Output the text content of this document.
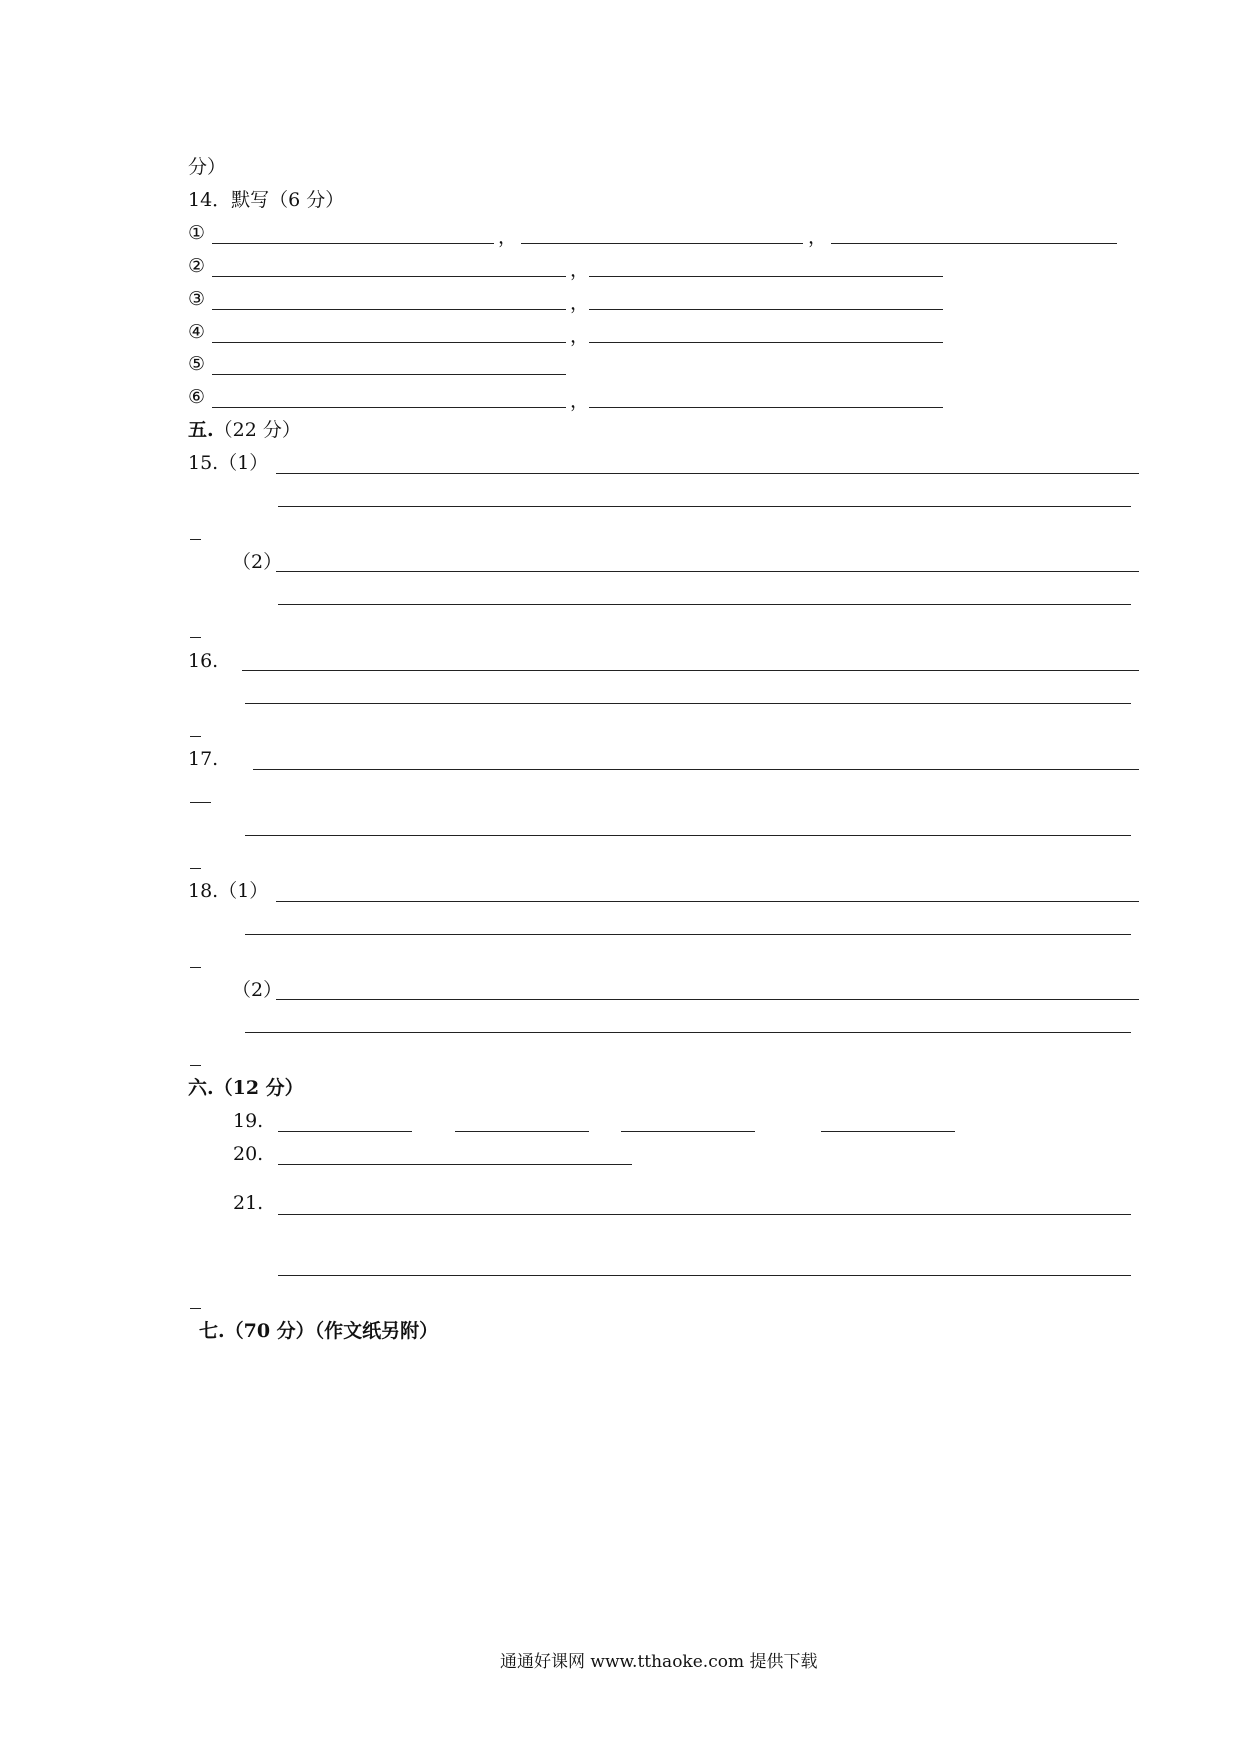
分）
14．默写（6 分）
①	，	，
②	，
③	，
④	，
⑤
⑥	，
五.（22 分）
15.（1）
（2）
16.
17.
18.（1）
（2）
六.（12 分）
19.
20.
21.
七.（70 分）（作文纸另附）
通通好课网 www.tthaoke.com 提供下载
